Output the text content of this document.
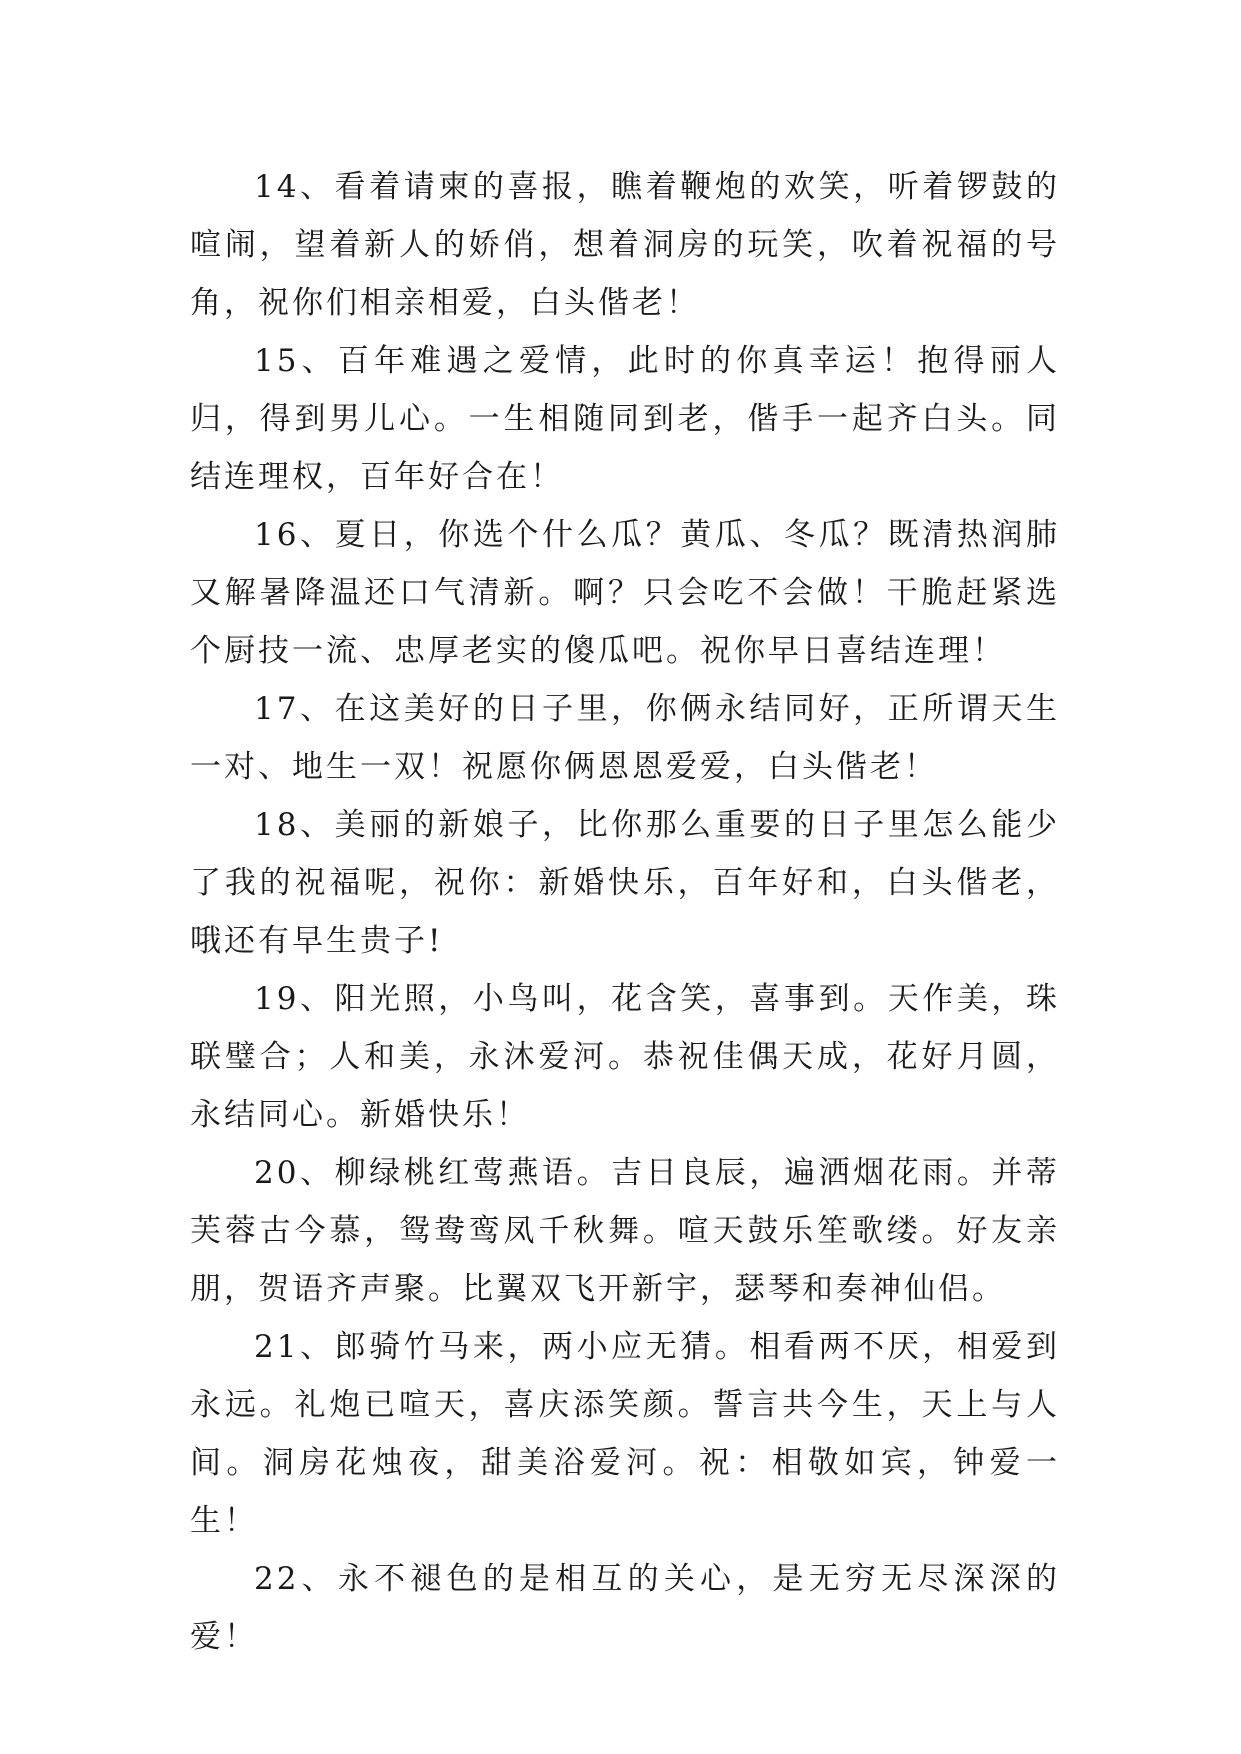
14、看着请柬的喜报，瞧着鞭炮的欢笑，听着锣鼓的喧闹，望着新人的娇俏，想着洞房的玩笑，吹着祝福的号角，祝你们相亲相爱，白头偕老！

15、百年难遇之爱情，此时的你真幸运！抱得丽人归，得到男儿心。一生相随同到老，偕手一起齐白头。同结连理权，百年好合在！

16、夏日，你选个什么瓜？黄瓜、冬瓜？既清热润肺又解暑降温还口气清新。啊？只会吃不会做！干脆赶紧选个厨技一流、忠厚老实的傻瓜吧。祝你早日喜结连理！

17、在这美好的日子里，你俩永结同好，正所谓天生一对、地生一双！祝愿你俩恩恩爱爱，白头偕老！

18、美丽的新娘子，比你那么重要的日子里怎么能少了我的祝福呢，祝你：新婚快乐，百年好和，白头偕老，哦还有早生贵子!

19、阳光照，小鸟叫，花含笑，喜事到。天作美，珠联璧合；人和美，永沐爱河。恭祝佳偶天成，花好月圆，永结同心。新婚快乐！

20、柳绿桃红莺燕语。吉日良辰，遍洒烟花雨。并蒂芙蓉古今慕，鸳鸯鸾凤千秋舞。喧天鼓乐笙歌缕。好友亲朋，贺语齐声聚。比翼双飞开新宇，瑟琴和奏神仙侣。

21、郎骑竹马来，两小应无猜。相看两不厌，相爱到永远。礼炮已喧天，喜庆添笑颜。誓言共今生，天上与人间。洞房花烛夜，甜美浴爱河。祝：相敬如宾，钟爱一生！

22、永不褪色的是相互的关心，是无穷无尽深深的爱！
